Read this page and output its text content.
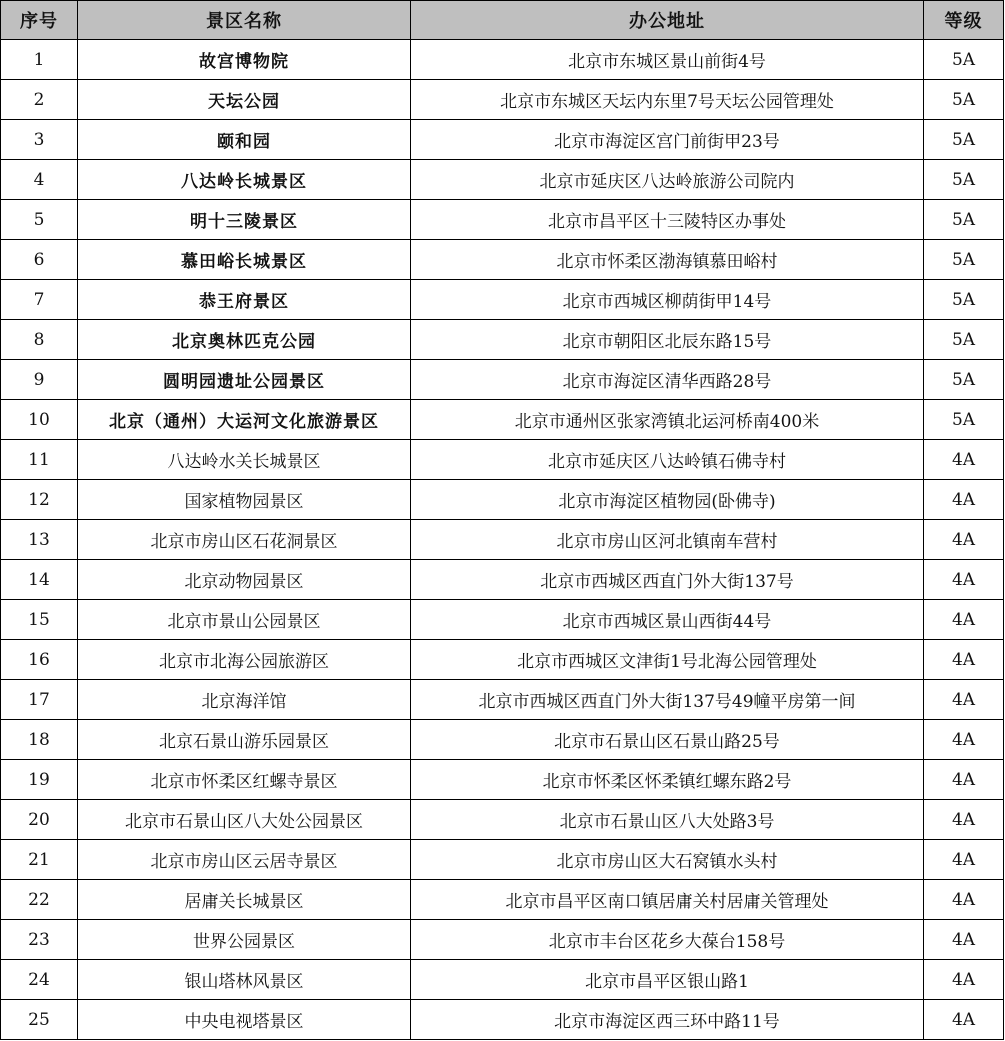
序号	景区名称	办公地址	等级
1	故宫博物院	北京市东城区景山前街4号	5A
2	天坛公园	北京市东城区天坛内东里7号天坛公园管理处	5A
3	颐和园	北京市海淀区宫门前街甲23号	5A
4	八达岭长城景区	北京市延庆区八达岭旅游公司院内	5A
5	明十三陵景区	北京市昌平区十三陵特区办事处	5A
6	慕田峪长城景区	北京市怀柔区渤海镇慕田峪村	5A
7	恭王府景区	北京市西城区柳荫街甲14号	5A
8	北京奥林匹克公园	北京市朝阳区北辰东路15号	5A
9	圆明园遗址公园景区	北京市海淀区清华西路28号	5A
10	北京（通州）大运河文化旅游景区	北京市通州区张家湾镇北运河桥南400米	5A
11	八达岭水关长城景区	北京市延庆区八达岭镇石佛寺村	4A
12	国家植物园景区	北京市海淀区植物园(卧佛寺)	4A
13	北京市房山区石花洞景区	北京市房山区河北镇南车营村	4A
14	北京动物园景区	北京市西城区西直门外大街137号	4A
15	北京市景山公园景区	北京市西城区景山西街44号	4A
16	北京市北海公园旅游区	北京市西城区文津街1号北海公园管理处	4A
17	北京海洋馆	北京市西城区西直门外大街137号49幢平房第一间	4A
18	北京石景山游乐园景区	北京市石景山区石景山路25号	4A
19	北京市怀柔区红螺寺景区	北京市怀柔区怀柔镇红螺东路2号	4A
20	北京市石景山区八大处公园景区	北京市石景山区八大处路3号	4A
21	北京市房山区云居寺景区	北京市房山区大石窝镇水头村	4A
22	居庸关长城景区	北京市昌平区南口镇居庸关村居庸关管理处	4A
23	世界公园景区	北京市丰台区花乡大葆台158号	4A
24	银山塔林风景区	北京市昌平区银山路1	4A
25	中央电视塔景区	北京市海淀区西三环中路11号	4A
